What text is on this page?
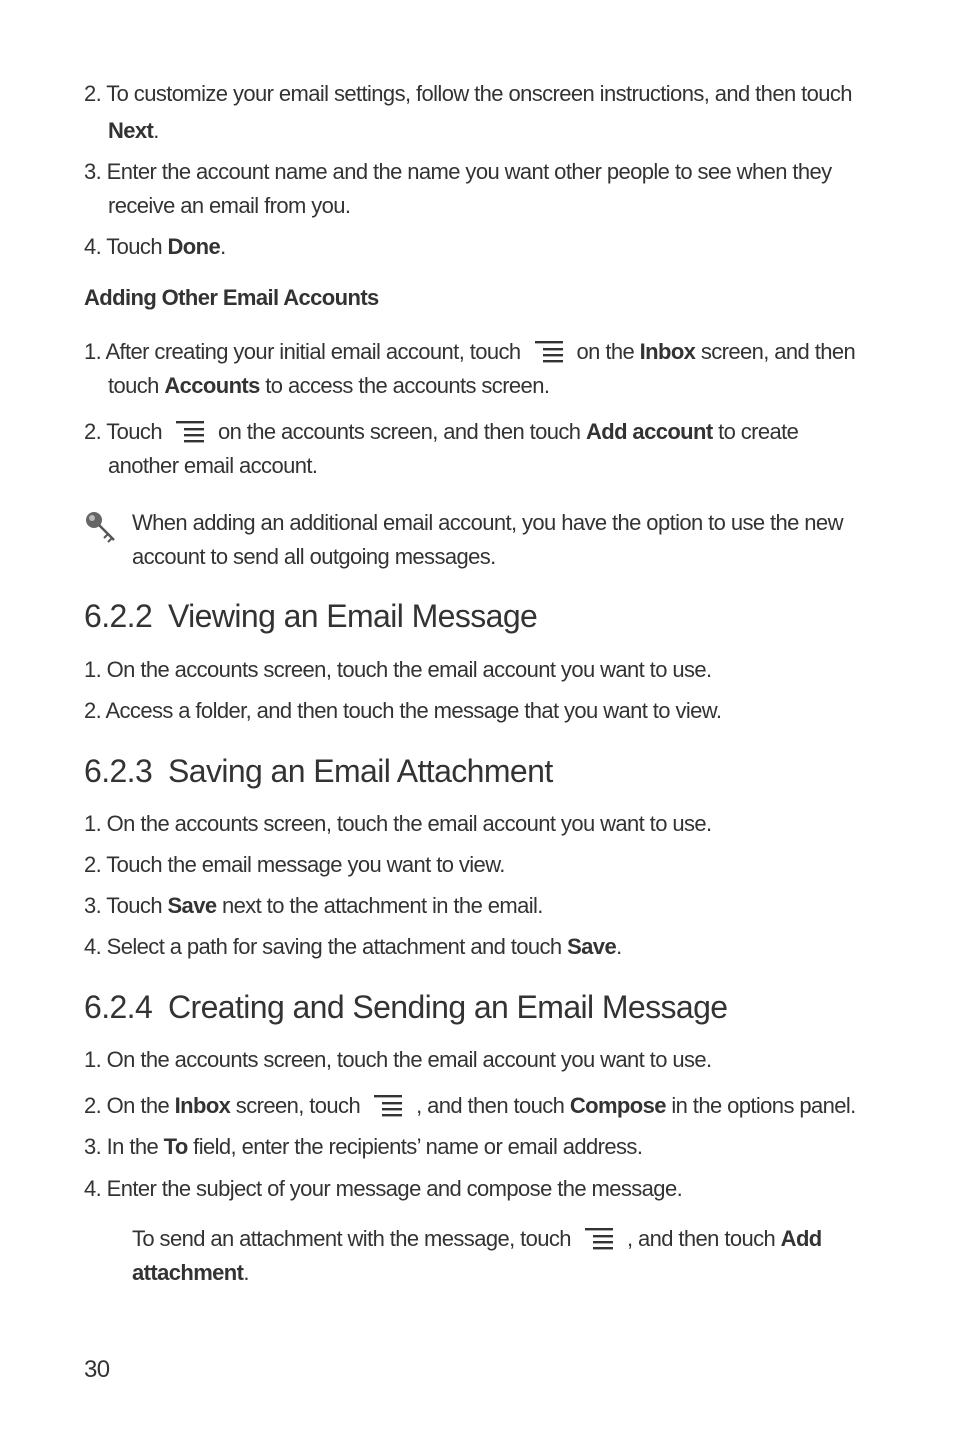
2. To customize your email settings, follow the onscreen instructions, and then touch
Next.
3. Enter the account name and the name you want other people to see when they
receive an email from you.
4. Touch Done.
Adding Other Email Accounts
1. After creating your initial email account, touch	on the Inbox screen, and then
touch Accounts to access the accounts screen.
2. Touch	on the accounts screen, and then touch Add account to create
another email account.
When adding an additional email account, you have the option to use the new
account to send all outgoing messages.
6.2.2 Viewing an Email Message
1. On the accounts screen, touch the email account you want to use.
2. Access a folder, and then touch the message that you want to view.
6.2.3 Saving an Email Attachment
1. On the accounts screen, touch the email account you want to use.
2. Touch the email message you want to view.
3. Touch Save next to the attachment in the email.
4. Select a path for saving the attachment and touch Save.
6.2.4 Creating and Sending an Email Message
1. On the accounts screen, touch the email account you want to use.
2. On the Inbox screen, touch	, and then touch Compose in the options panel.
3. In the To field, enter the recipients’ name or email address.
4. Enter the subject of your message and compose the message.
To send an attachment with the message, touch	, and then touch Add
attachment.
30
